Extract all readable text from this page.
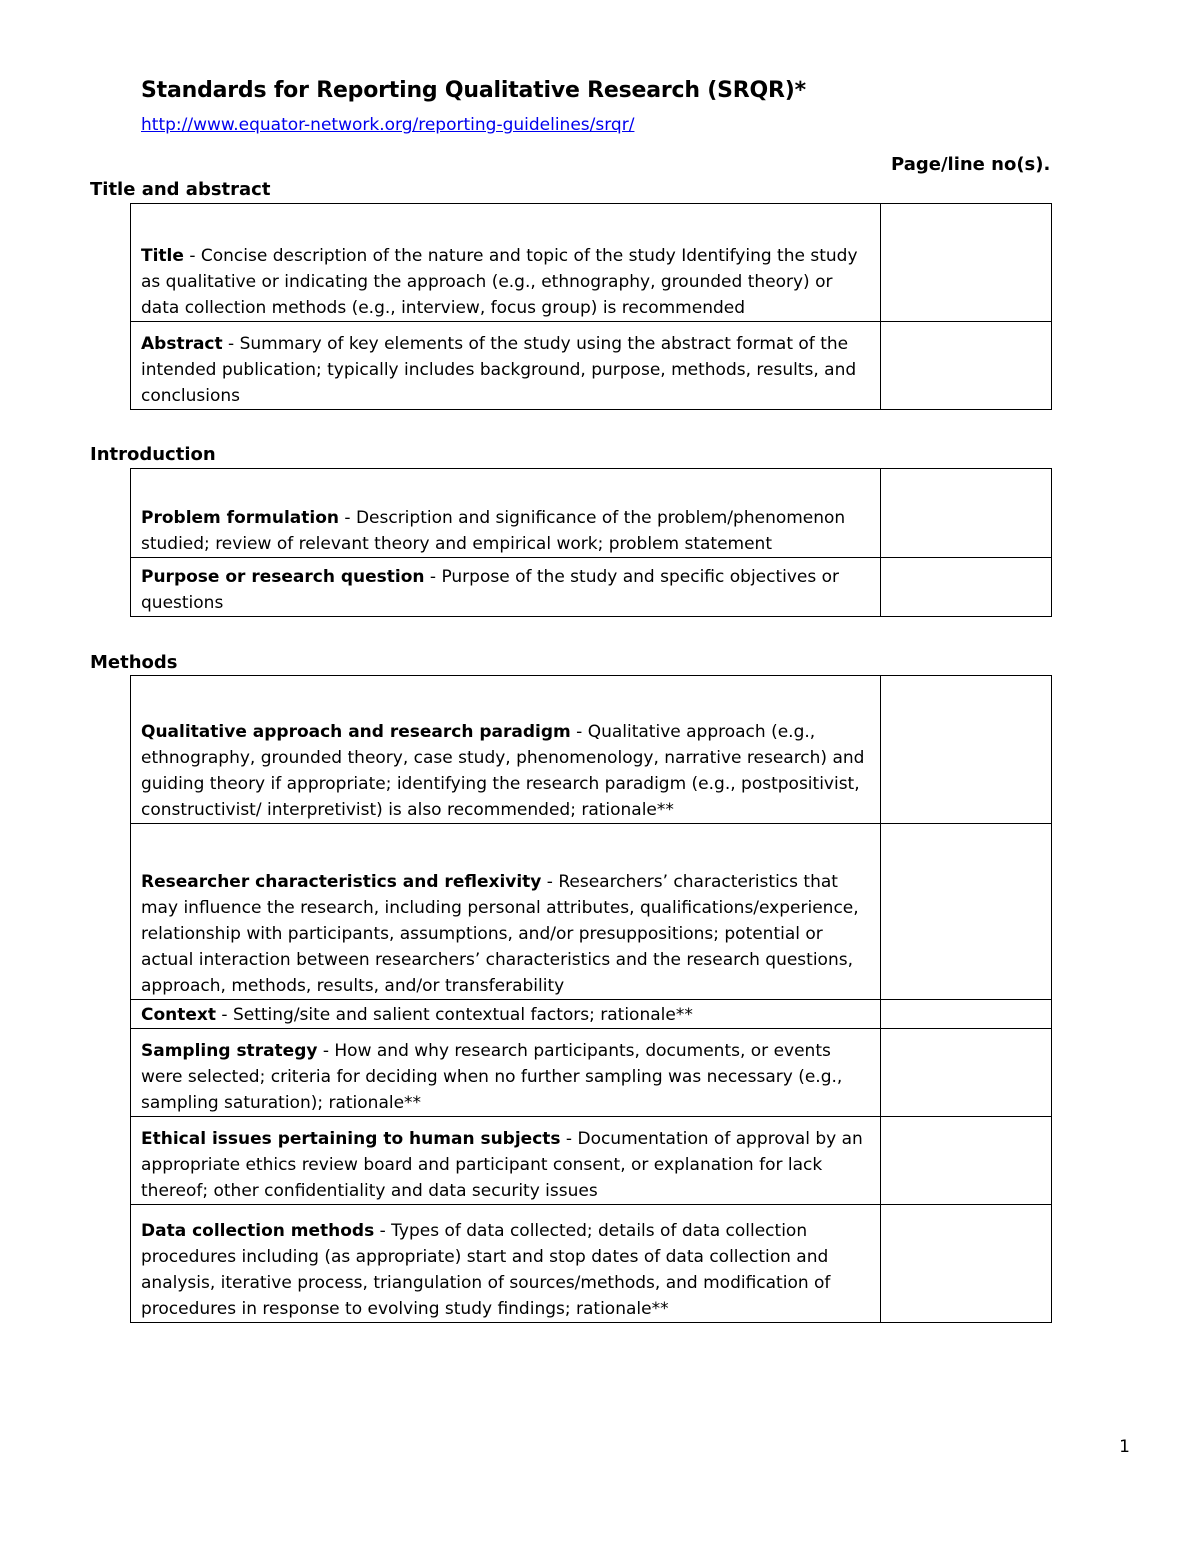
Standards for Reporting Qualitative Research (SRQR)*
http://www.equator-network.org/reporting-guidelines/srqr/
Page/line no(s).
Title and abstract
Title - Concise description of the nature and topic of the study Identifying the study as qualitative or indicating the approach (e.g., ethnography, grounded theory) or data collection methods (e.g., interview, focus group) is recommended	
Abstract - Summary of key elements of the study using the abstract format of the intended publication; typically includes background, purpose, methods, results, and conclusions	
Introduction
Problem formulation - Description and significance of the problem/phenomenon studied; review of relevant theory and empirical work; problem statement	
Purpose or research question - Purpose of the study and specific objectives or questions	
Methods
Qualitative approach and research paradigm - Qualitative approach (e.g., ethnography, grounded theory, case study, phenomenology, narrative research) and guiding theory if appropriate; identifying the research paradigm (e.g., postpositivist, constructivist/ interpretivist) is also recommended; rationale**	
Researcher characteristics and reflexivity - Researchers’ characteristics that may influence the research, including personal attributes, qualifications/experience, relationship with participants, assumptions, and/or presuppositions; potential or actual interaction between researchers’ characteristics and the research questions, approach, methods, results, and/or transferability	
Context - Setting/site and salient contextual factors; rationale**	
Sampling strategy - How and why research participants, documents, or events were selected; criteria for deciding when no further sampling was necessary (e.g., sampling saturation); rationale**	
Ethical issues pertaining to human subjects - Documentation of approval by an appropriate ethics review board and participant consent, or explanation for lack thereof; other confidentiality and data security issues	
Data collection methods - Types of data collected; details of data collection procedures including (as appropriate) start and stop dates of data collection and analysis, iterative process, triangulation of sources/methods, and modification of procedures in response to evolving study findings; rationale**	
1
